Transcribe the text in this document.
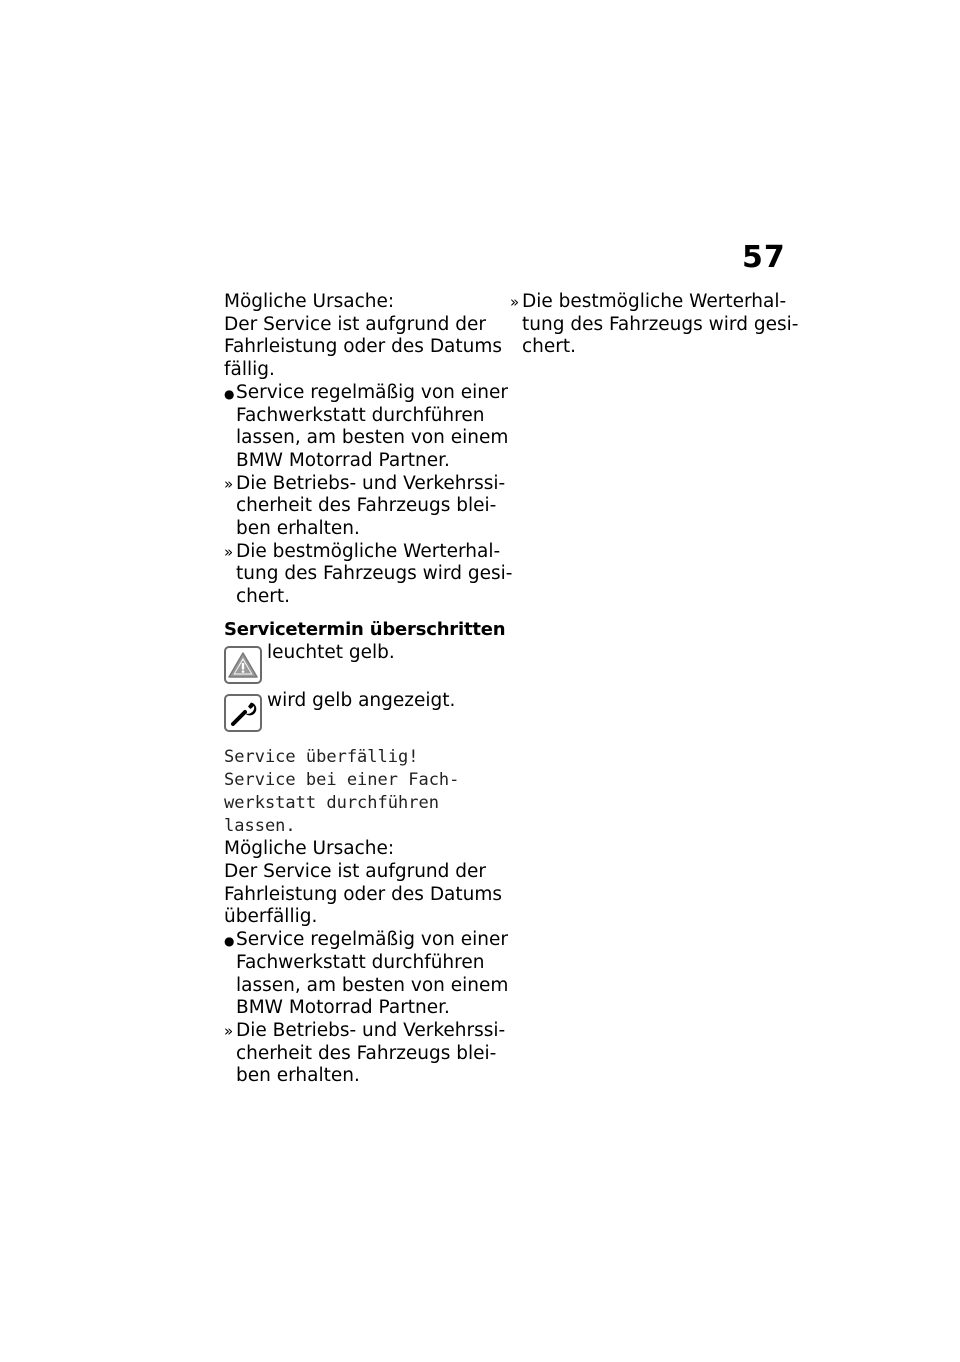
57
Mögliche Ursache:
Der Service ist aufgrund der
Fahrleistung oder des Datums
fällig.
● Service regelmäßig von einer
Fachwerkstatt durchführen
lassen, am besten von einem
BMW Motorrad Partner.
» Die Betriebs- und Verkehrssi-
cherheit des Fahrzeugs blei-
ben erhalten.
» Die bestmögliche Werterhal-
tung des Fahrzeugs wird gesi-
chert.
Servicetermin überschritten
leuchtet gelb.
wird gelb angezeigt.
Service überfällig!
Service bei einer Fach-
werkstatt durchführen
lassen.
Mögliche Ursache:
Der Service ist aufgrund der
Fahrleistung oder des Datums
überfällig.
● Service regelmäßig von einer
Fachwerkstatt durchführen
lassen, am besten von einem
BMW Motorrad Partner.
» Die Betriebs- und Verkehrssi-
cherheit des Fahrzeugs blei-
ben erhalten.
» Die bestmögliche Werterhal-
tung des Fahrzeugs wird gesi-
chert.
